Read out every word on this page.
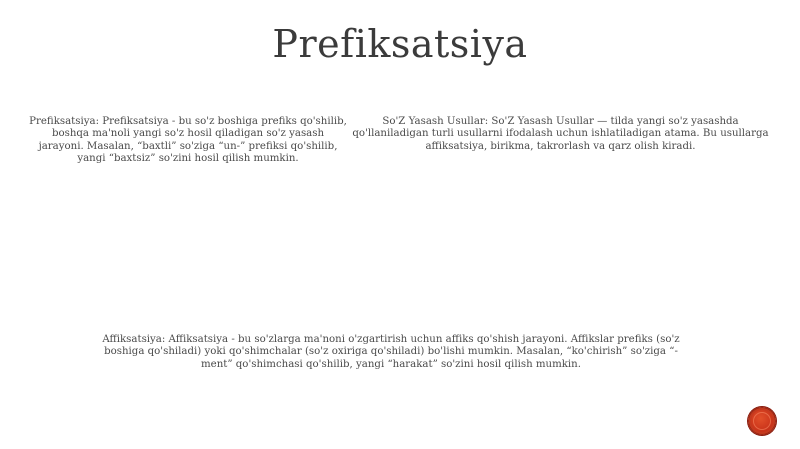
Prefiksatsiya
Prefiksatsiya: Prefiksatsiya - bu so'z boshiga prefiks qo'shilib, boshqa ma'noli yangi so'z hosil qiladigan so'z yasash jarayoni. Masalan, “baxtli” so'ziga “un-” prefiksi qo'shilib, yangi “baxtsiz” so'zini hosil qilish mumkin.
So'Z Yasash Usullar: So'Z Yasash Usullar — tilda yangi so'z yasashda qo'llaniladigan turli usullarni ifodalash uchun ishlatiladigan atama. Bu usullarga affiksatsiya, birikma, takrorlash va qarz olish kiradi.
Affiksatsiya: Affiksatsiya - bu so'zlarga ma'noni o'zgartirish uchun affiks qo'shish jarayoni. Affikslar prefiks (so'z boshiga qo'shiladi) yoki qo'shimchalar (so'z oxiriga qo'shiladi) bo'lishi mumkin. Masalan, “ko'chirish” so'ziga “-ment” qo'shimchasi qo'shilib, yangi “harakat” so'zini hosil qilish mumkin.
